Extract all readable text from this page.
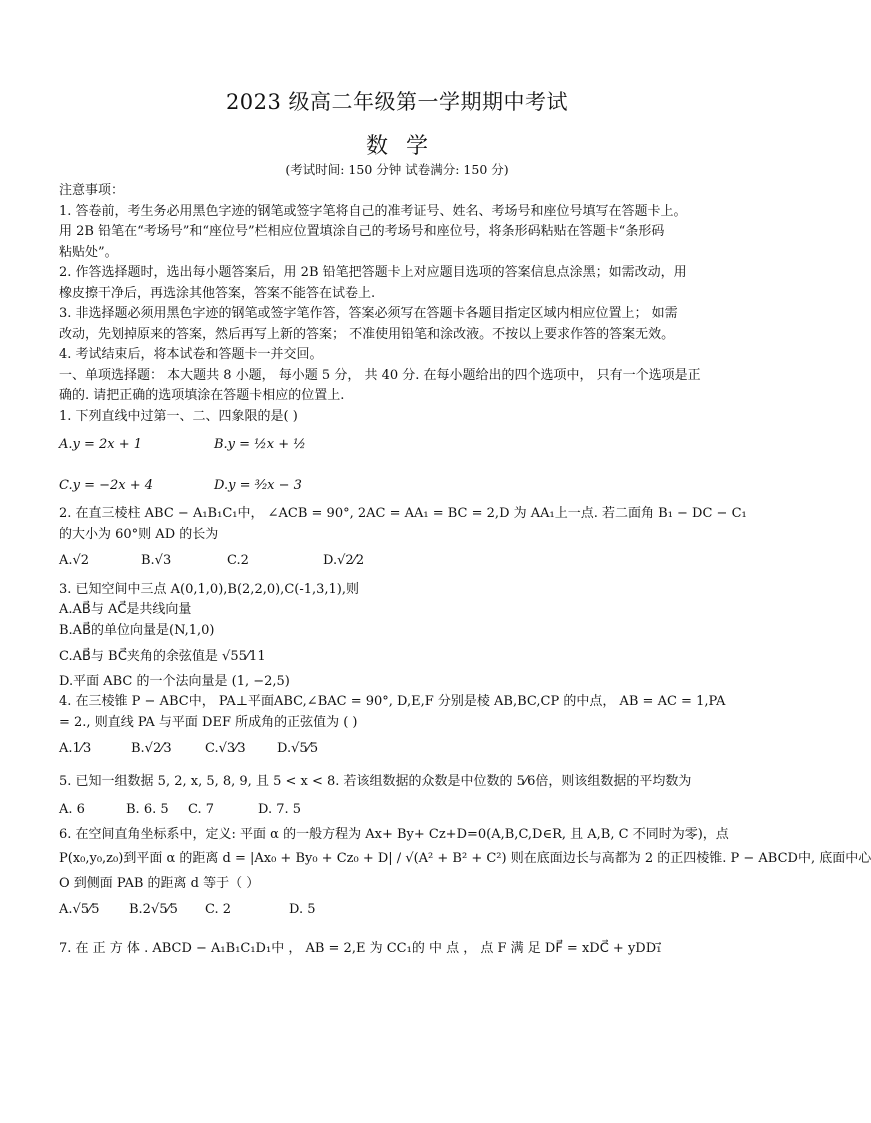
2023 级高二年级第一学期期中考试
数学
(考试时间: 150 分钟 试卷满分: 150 分)
注意事项：
1. 答卷前，考生务必用黑色字迹的钢笔或签字笔将自己的准考证号、姓名、考场号和座位号填写在答题卡上。
用 2B 铅笔在“考场号”和“座位号”栏相应位置填涂自己的考场号和座位号，将条形码粘贴在答题卡“条形码
粘贴处”。
2. 作答选择题时，选出每小题答案后，用 2B 铅笔把答题卡上对应题目选项的答案信息点涂黑；如需改动，用
橡皮擦干净后，再选涂其他答案，答案不能答在试卷上.
3. 非选择题必须用黑色字迹的钢笔或签字笔作答，答案必须写在答题卡各题目指定区域内相应位置上； 如需
改动，先划掉原来的答案，然后再写上新的答案； 不准使用铅笔和涂改液。不按以上要求作答的答案无效。
4. 考试结束后，将本试卷和答题卡一并交回。
一、单项选择题： 本大题共 8 小题， 每小题 5 分， 共 40 分. 在每小题给出的四个选项中， 只有一个选项是正
确的. 请把正确的选项填涂在答题卡相应的位置上.
1. 下列直线中过第一、二、四象限的是( )
A.y = 2x + 1	B.y = ½x + ½
C.y = −2x + 4	D.y = ³⁄₂x − 3
2. 在直三棱柱 ABC − A₁B₁C₁中， ∠ACB = 90°, 2AC = AA₁ = BC = 2,D 为 AA₁上一点. 若二面角 B₁ − DC − C₁
的大小为 60°则 AD 的长为
A.√2	B.√3	C.2	D.√2⁄2
3. 已知空间中三点 A(0,1,0),B(2,2,0),C(-1,3,1),则
A.AB⃗与 AC⃗是共线向量
B.AB⃗的单位向量是(N,1,0)
C.AB⃗与 BC⃗夹角的余弦值是 √55⁄11
D.平面 ABC 的一个法向量是 (1, −2,5)
4. 在三棱锥 P − ABC中， PA⊥平面ABC,∠BAC = 90°, D,E,F 分别是棱 AB,BC,CP 的中点， AB = AC = 1,PA
= 2., 则直线 PA 与平面 DEF 所成角的正弦值为 ( )
A.1⁄3	B.√2⁄3	C.√3⁄3	D.√5⁄5
5. 已知一组数据 5, 2, x, 5, 8, 9, 且 5 < x < 8. 若该组数据的众数是中位数的 5⁄6倍，则该组数据的平均数为
A. 6	B. 6. 5	C. 7	D. 7. 5
6. 在空间直角坐标系中，定义: 平面 α 的一般方程为 Ax+ By+ Cz+D=0(A,B,C,D∈R, 且 A,B, C 不同时为零)，点
P(x₀,y₀,z₀)到平面 α 的距离 d = |Ax₀ + By₀ + Cz₀ + D| / √(A² + B² + C²) 则在底面边长与高都为 2 的正四棱锥. P − ABCD中, 底面中心
O 到侧面 PAB 的距离 d 等于（ ）
A.√5⁄5	B.2√5⁄5	C. 2	D. 5
7. 在 正 方 体 . ABCD − A₁B₁C₁D₁中 ， AB = 2,E 为 CC₁的 中 点 ， 点 F 满 足 DF⃗ = xDC⃗ + yDD₁⃗
